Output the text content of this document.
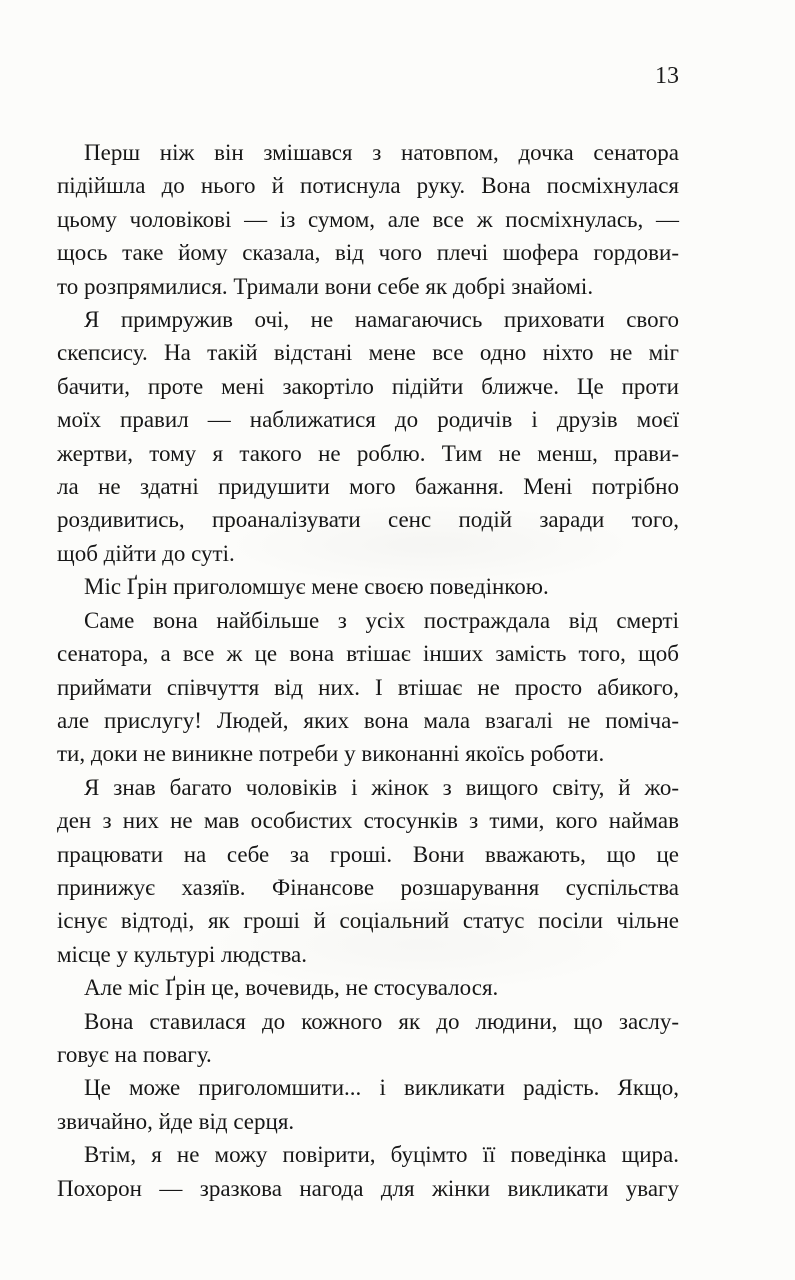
13
Перш ніж він змішався з натовпом, дочка сенатора
підійшла до нього й потиснула руку. Вона посміхнулася
цьому чоловікові — із сумом, але все ж посміхнулась, —
щось таке йому сказала, від чого плечі шофера гордови-
то розпрямилися. Тримали вони себе як добрі знайомі.
Я примружив очі, не намагаючись приховати свого
скепсису. На такій відстані мене все одно ніхто не міг
бачити, проте мені закортіло підійти ближче. Це проти
моїх правил — наближатися до родичів і друзів моєї
жертви, тому я такого не роблю. Тим не менш, прави-
ла не здатні придушити мого бажання. Мені потрібно
роздивитись, проаналізувати сенс подій заради того,
щоб дійти до суті.
Міс Ґрін приголомшує мене своєю поведінкою.
Саме вона найбільше з усіх постраждала від смерті
сенатора, а все ж це вона втішає інших замість того, щоб
приймати співчуття від них. І втішає не просто абикого,
але прислугу! Людей, яких вона мала взагалі не поміча-
ти, доки не виникне потреби у виконанні якоїсь роботи.
Я знав багато чоловіків і жінок з вищого світу, й жо-
ден з них не мав особистих стосунків з тими, кого наймав
працювати на себе за гроші. Вони вважають, що це
принижує хазяїв. Фінансове розшарування суспільства
існує відтоді, як гроші й соціальний статус посіли чільне
місце у культурі людства.
Але міс Ґрін це, вочевидь, не стосувалося.
Вона ставилася до кожного як до людини, що заслу-
говує на повагу.
Це може приголомшити... і викликати радість. Якщо,
звичайно, йде від серця.
Втім, я не можу повірити, буцімто її поведінка щира.
Похорон — зразкова нагода для жінки викликати увагу
